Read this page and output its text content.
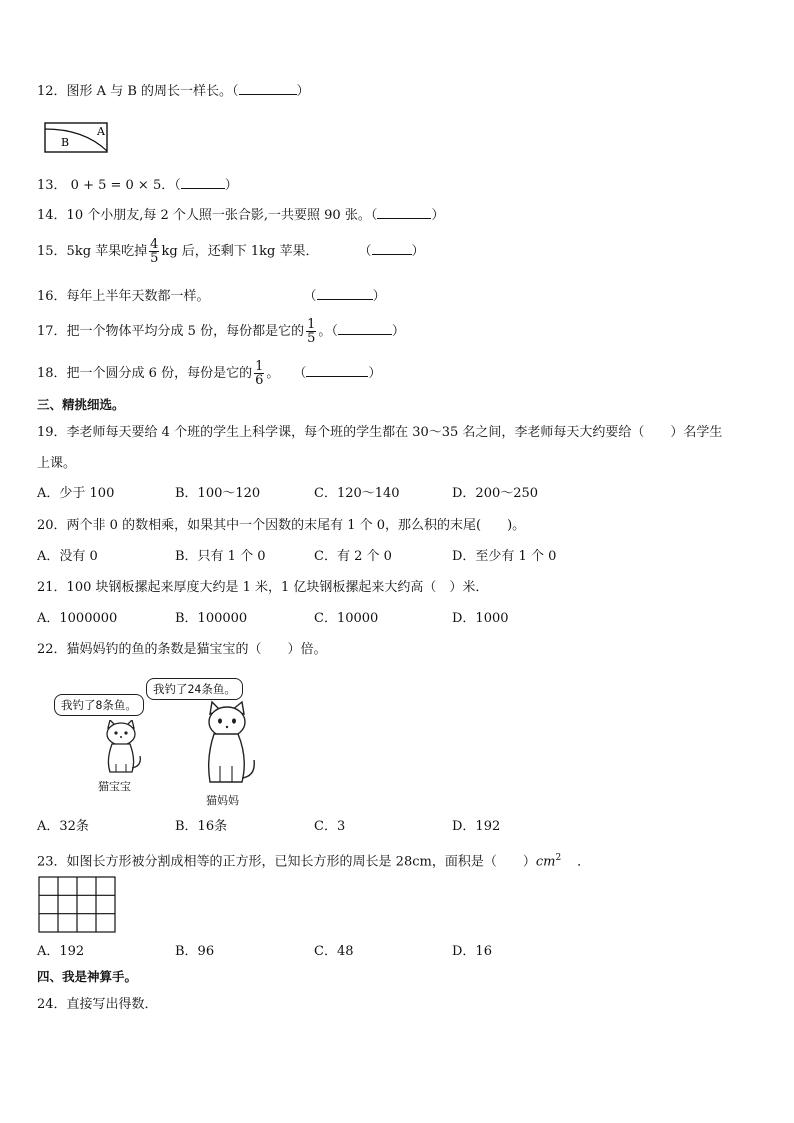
12．图形 A 与 B 的周长一样长。（	）
B
A
13． 0 + 5 = 0 × 5．（	）
14．10 个小朋友,每 2 个人照一张合影,一共要照 90 张。（	）
15．5kg 苹果吃掉 $\frac{4}{5}$ kg 后，还剩下 1kg 苹果．	（	）
16．每年上半年天数都一样。	（	）
17．把一个物体平均分成 5 份，每份都是它的 $\frac{1}{5}$ 。（	）
18．把一个圆分成 6 份，每份是它的 $\frac{1}{6}$ 。 （	）
三、精挑细选。
19．李老师每天要给 4 个班的学生上科学课，每个班的学生都在 30～35 名之间，李老师每天大约要给（　　）名学生
上课。
A．少于 100	B．100～120	C．120～140	D．200～250
20．两个非 0 的数相乘，如果其中一个因数的末尾有 1 个 0，那么积的末尾(　　)。
A．没有 0	B．只有 1 个 0	C．有 2 个 0	D．至少有 1 个 0
21．100 块钢板摞起来厚度大约是 1 米，1 亿块钢板摞起来大约高（　）米．
A．1000000	B．100000	C．10000	D．1000
22．猫妈妈钓的鱼的条数是猫宝宝的（　　）倍。
我钓了8条鱼。
我钓了24条鱼。
猫宝宝
猫妈妈
A．32条	B．16条	C．3	D．192
23．如图长方形被分割成相等的正方形，已知长方形的周长是 28cm，面积是（　　）$cm^2$ ．
A．192	B．96	C．48	D．16
四、我是神算手。
24．直接写出得数．
